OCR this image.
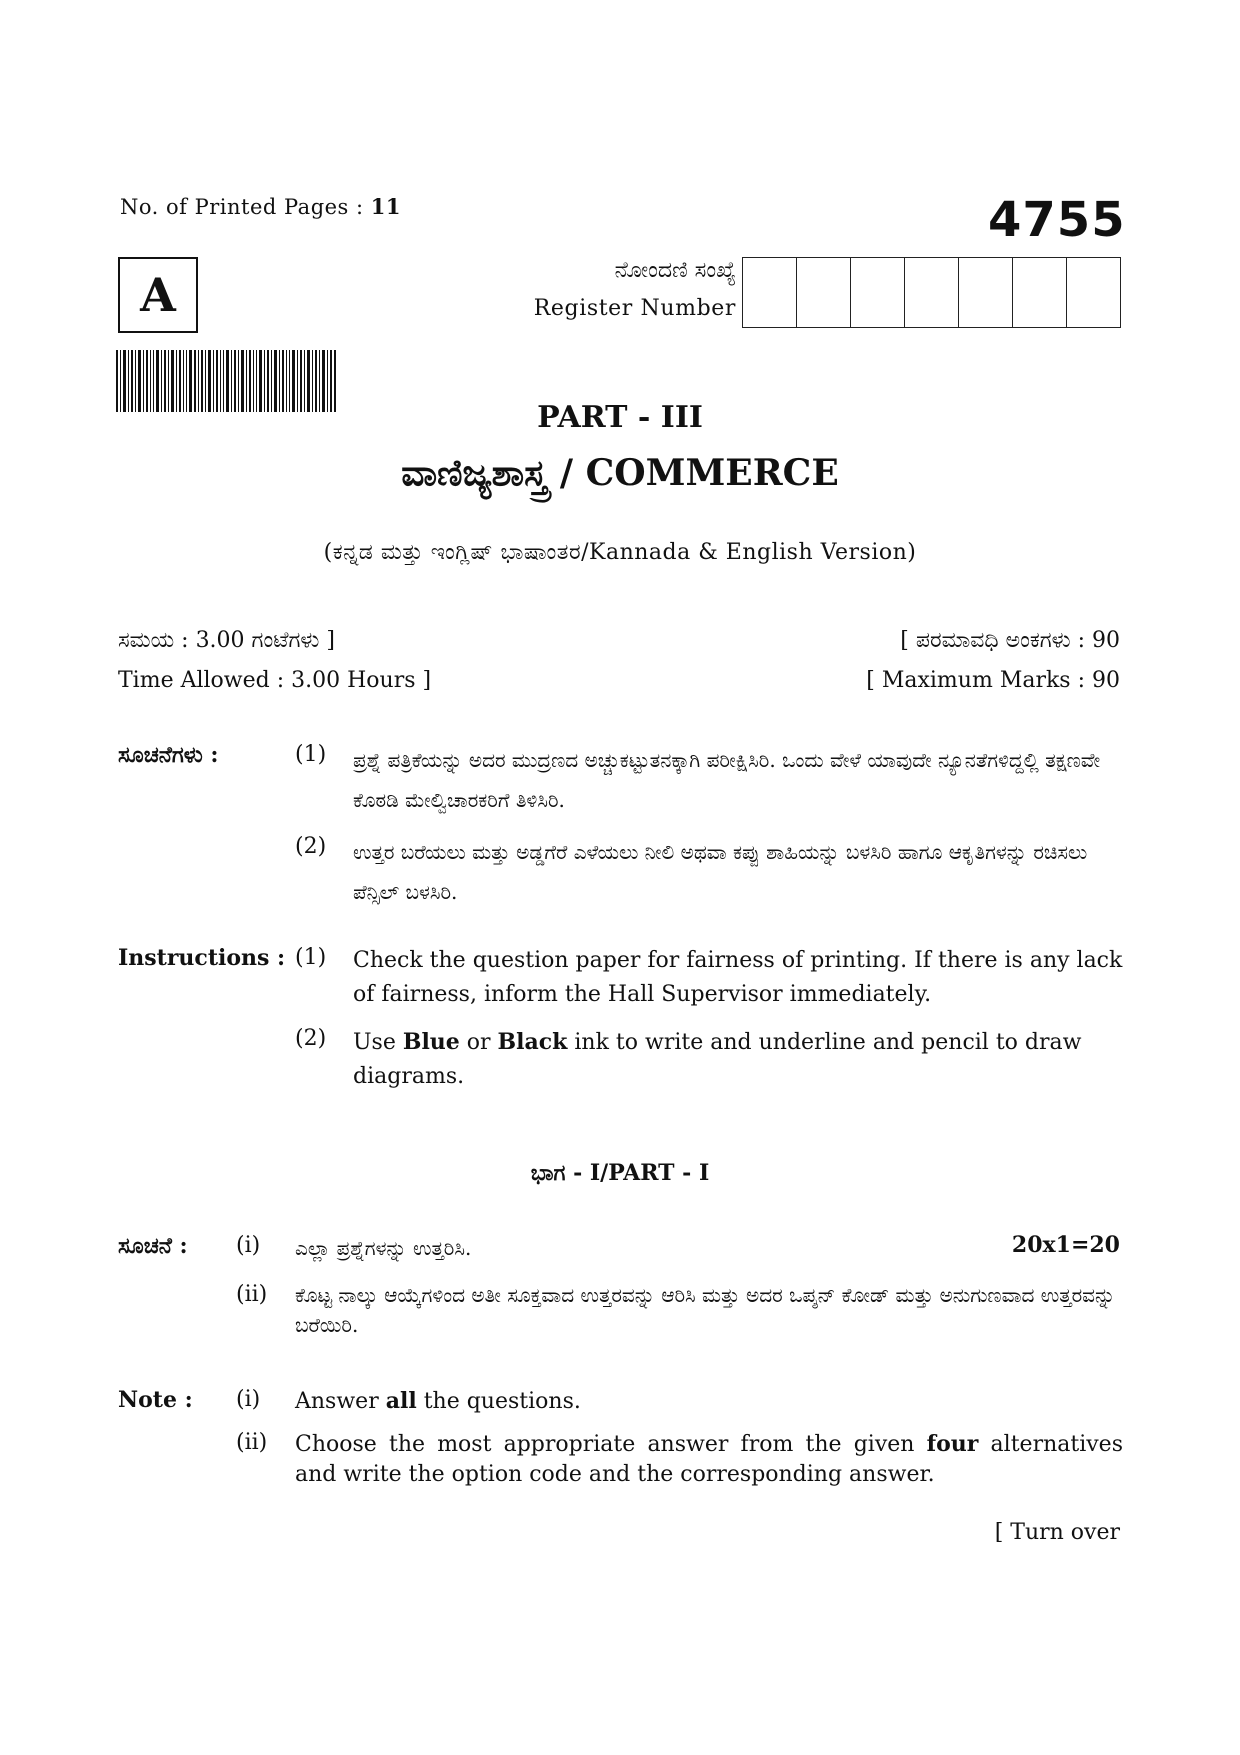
No. of Printed Pages : 11	4755
A	ನೋಂದಣಿ ಸಂಖ್ಯೆ
Register Number
PART - III
ವಾಣಿಜ್ಯಶಾಸ್ತ್ರ / COMMERCE
(ಕನ್ನಡ ಮತ್ತು ಇಂಗ್ಲಿಷ್ ಭಾಷಾಂತರ/Kannada & English Version)
ಸಮಯ : 3.00 ಗಂಟೆಗಳು ]	[ ಪರಮಾವಧಿ ಅಂಕಗಳು : 90
Time Allowed : 3.00 Hours ]	[ Maximum Marks : 90
ಸೂಚನೆಗಳು :	(1) ಪ್ರಶ್ನೆ ಪತ್ರಿಕೆಯನ್ನು ಅದರ ಮುದ್ರಣದ ಅಚ್ಚುಕಟ್ಟುತನಕ್ಕಾಗಿ ಪರೀಕ್ಷಿಸಿರಿ. ಒಂದು ವೇಳೆ ಯಾವುದೇ ನ್ಯೂನತೆಗಳಿದ್ದಲ್ಲಿ ತಕ್ಷಣವೇ ಕೊಠಡಿ ಮೇಲ್ವಿಚಾರಕರಿಗೆ ತಿಳಿಸಿರಿ.
(2) ಉತ್ತರ ಬರೆಯಲು ಮತ್ತು ಅಡ್ಡಗೆರೆ ಎಳೆಯಲು ನೀಲಿ ಅಥವಾ ಕಪ್ಪು ಶಾಹಿಯನ್ನು ಬಳಸಿರಿ ಹಾಗೂ ಆಕೃತಿಗಳನ್ನು ರಚಿಸಲು ಪೆನ್ಸಿಲ್ ಬಳಸಿರಿ.
Instructions : (1) Check the question paper for fairness of printing. If there is any lack of fairness, inform the Hall Supervisor immediately.
(2) Use Blue or Black ink to write and underline and pencil to draw diagrams.
ಭಾಗ - I/PART - I
ಸೂಚನೆ : (i) ಎಲ್ಲಾ ಪ್ರಶ್ನೆಗಳನ್ನು ಉತ್ತರಿಸಿ.	20x1=20
(ii) ಕೊಟ್ಟ ನಾಲ್ಕು ಆಯ್ಕೆಗಳಿಂದ ಅತೀ ಸೂಕ್ತವಾದ ಉತ್ತರವನ್ನು ಆರಿಸಿ ಮತ್ತು ಅದರ ಒಪ್ಶನ್ ಕೋಡ್ ಮತ್ತು ಅನುಗುಣವಾದ ಉತ್ತರವನ್ನು ಬರೆಯಿರಿ.
Note : (i) Answer all the questions.
(ii) Choose the most appropriate answer from the given four alternatives and write the option code and the corresponding answer.
[ Turn over
